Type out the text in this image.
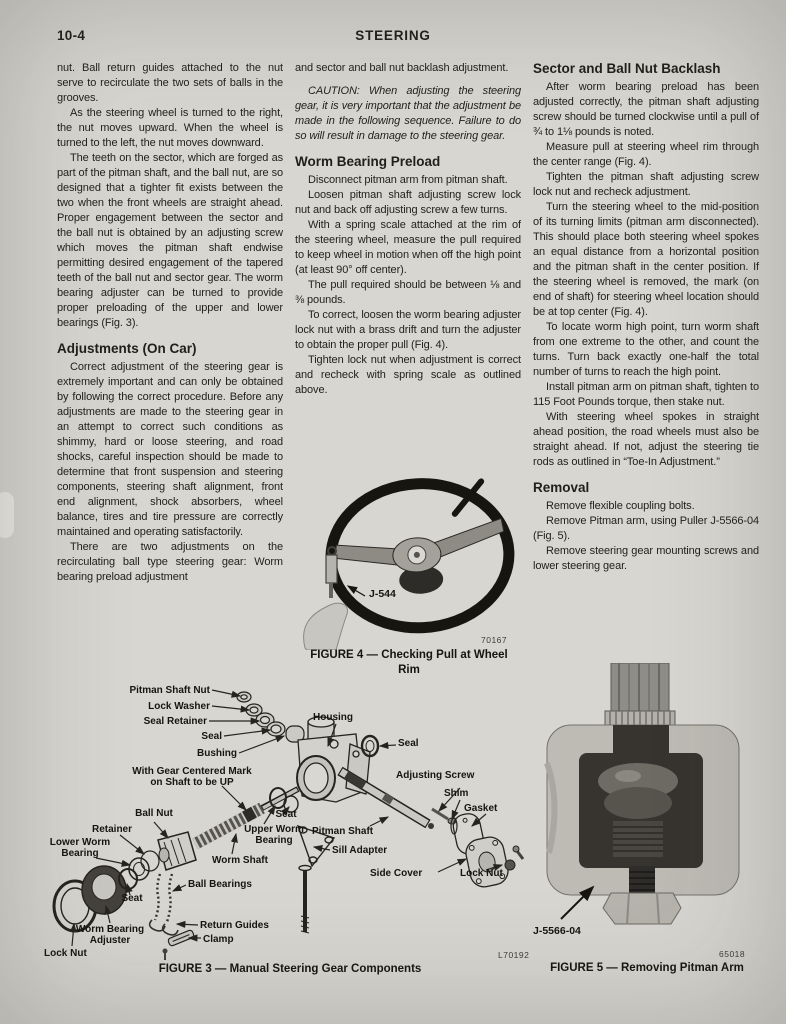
10-4	STEERING

nut. Ball return guides attached to the nut serve to recirculate the two sets of balls in the grooves.

As the steering wheel is turned to the right, the nut moves upward. When the wheel is turned to the left, the nut moves downward.

The teeth on the sector, which are forged as part of the pitman shaft, and the ball nut, are so designed that a tighter fit exists between the two when the front wheels are straight ahead. Proper engagement between the sector and the ball nut is obtained by an adjusting screw which moves the pitman shaft endwise permitting desired engagement of the tapered teeth of the ball nut and sector gear. The worm bearing adjuster can be turned to provide proper preloading of the upper and lower bearings (Fig. 3).

Adjustments (On Car)

Correct adjustment of the steering gear is extremely important and can only be obtained by following the correct procedure. Before any adjustments are made to the steering gear in an attempt to correct such conditions as shimmy, hard or loose steering, and road shocks, careful inspection should be made to determine that front suspension and steering components, steering shaft alignment, front end alignment, shock absorbers, wheel balance, tires and tire pressure are correctly maintained and operating satisfactorily.

There are two adjustments on the recirculating ball type steering gear: Worm bearing preload adjustment

and sector and ball nut backlash adjustment.

CAUTION: When adjusting the steering gear, it is very important that the adjustment be made in the following sequence. Failure to do so will result in damage to the steering gear.

Worm Bearing Preload

Disconnect pitman arm from pitman shaft.

Loosen pitman shaft adjusting screw lock nut and back off adjusting screw a few turns.

With a spring scale attached at the rim of the steering wheel, measure the pull required to keep wheel in motion when off the high point (at least 90° off center).

The pull required should be between ⅛ and ⅜ pounds.

To correct, loosen the worm bearing adjuster lock nut with a brass drift and turn the adjuster to obtain the proper pull (Fig. 4).

Tighten lock nut when adjustment is correct and recheck with spring scale as outlined above.

Sector and Ball Nut Backlash

After worm bearing preload has been adjusted correctly, the pitman shaft adjusting screw should be turned clockwise until a pull of ¾ to 1⅛ pounds is noted.

Measure pull at steering wheel rim through the center range (Fig. 4).

Tighten the pitman shaft adjusting screw lock nut and recheck adjustment.

Turn the steering wheel to the mid-position of its turning limits (pitman arm disconnected). This should place both steering wheel spokes an equal distance from a horizontal position and the pitman shaft in the center position. If the steering wheel is removed, the mark (on end of shaft) for steering wheel location should be at top center (Fig. 4).

To locate worm high point, turn worm shaft from one extreme to the other, and count the turns. Turn back exactly one-half the total number of turns to reach the high point.

Install pitman arm on pitman shaft, tighten to 115 Foot Pounds torque, then stake nut.

With steering wheel spokes in straight ahead position, the road wheels must also be straight ahead. If not, adjust the steering tie rods as outlined in “Toe-In Adjustment.”

Removal

Remove flexible coupling bolts.

Remove Pitman arm, using Puller J-5566-04 (Fig. 5).

Remove steering gear mounting screws and lower steering gear.

J-544
70167
FIGURE 4 — Checking Pull at Wheel Rim
Pitman Shaft Nut
Lock Washer
Seal Retainer
Seal
Bushing
Housing
Seal
With Gear Centered Mark on Shaft to be UP
Ball Nut
Retainer
Lower Worm Bearing
Seat
Upper Worm Bearing
Worm Shaft
Adjusting Screw
Shim
Gasket
Pitman Shaft
Sill Adapter
Side Cover	Lock Nut
Ball Bearings
Return Guides
Clamp
Worm Bearing Adjuster
Seat
Lock Nut	L70192
FIGURE 3 — Manual Steering Gear Components
J-5566-04
65018
FIGURE 5 — Removing Pitman Arm
